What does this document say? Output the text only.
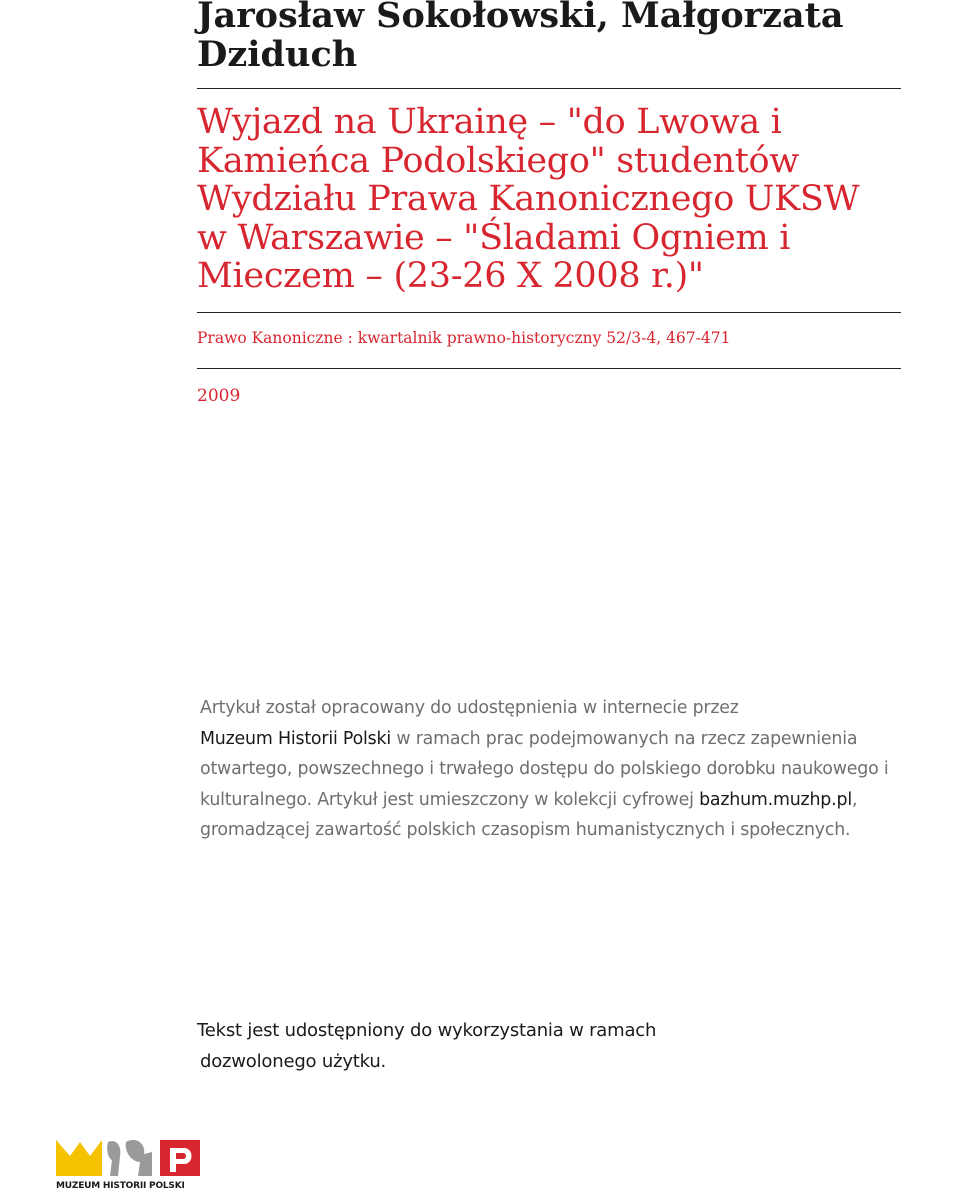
Jarosław Sokołowski, Małgorzata Dziduch
Wyjazd na Ukrainę – "do Lwowa i Kamieńca Podolskiego" studentów Wydziału Prawa Kanonicznego UKSW w Warszawie – "Śladami Ogniem i Mieczem – (23-26 X 2008 r.)"
Prawo Kanoniczne : kwartalnik prawno-historyczny 52/3-4, 467-471
2009

Artykuł został opracowany do udostępnienia w internecie przez
Muzeum Historii Polski w ramach prac podejmowanych na rzecz zapewnienia otwartego, powszechnego i trwałego dostępu do polskiego dorobku naukowego i kulturalnego. Artykuł jest umieszczony w kolekcji cyfrowej bazhum.muzhp.pl, gromadzącej zawartość polskich czasopism humanistycznych i społecznych.

Tekst jest udostępniony do wykorzystania w ramach
dozwolonego użytku.

MUZEUM HISTORII POLSKI
